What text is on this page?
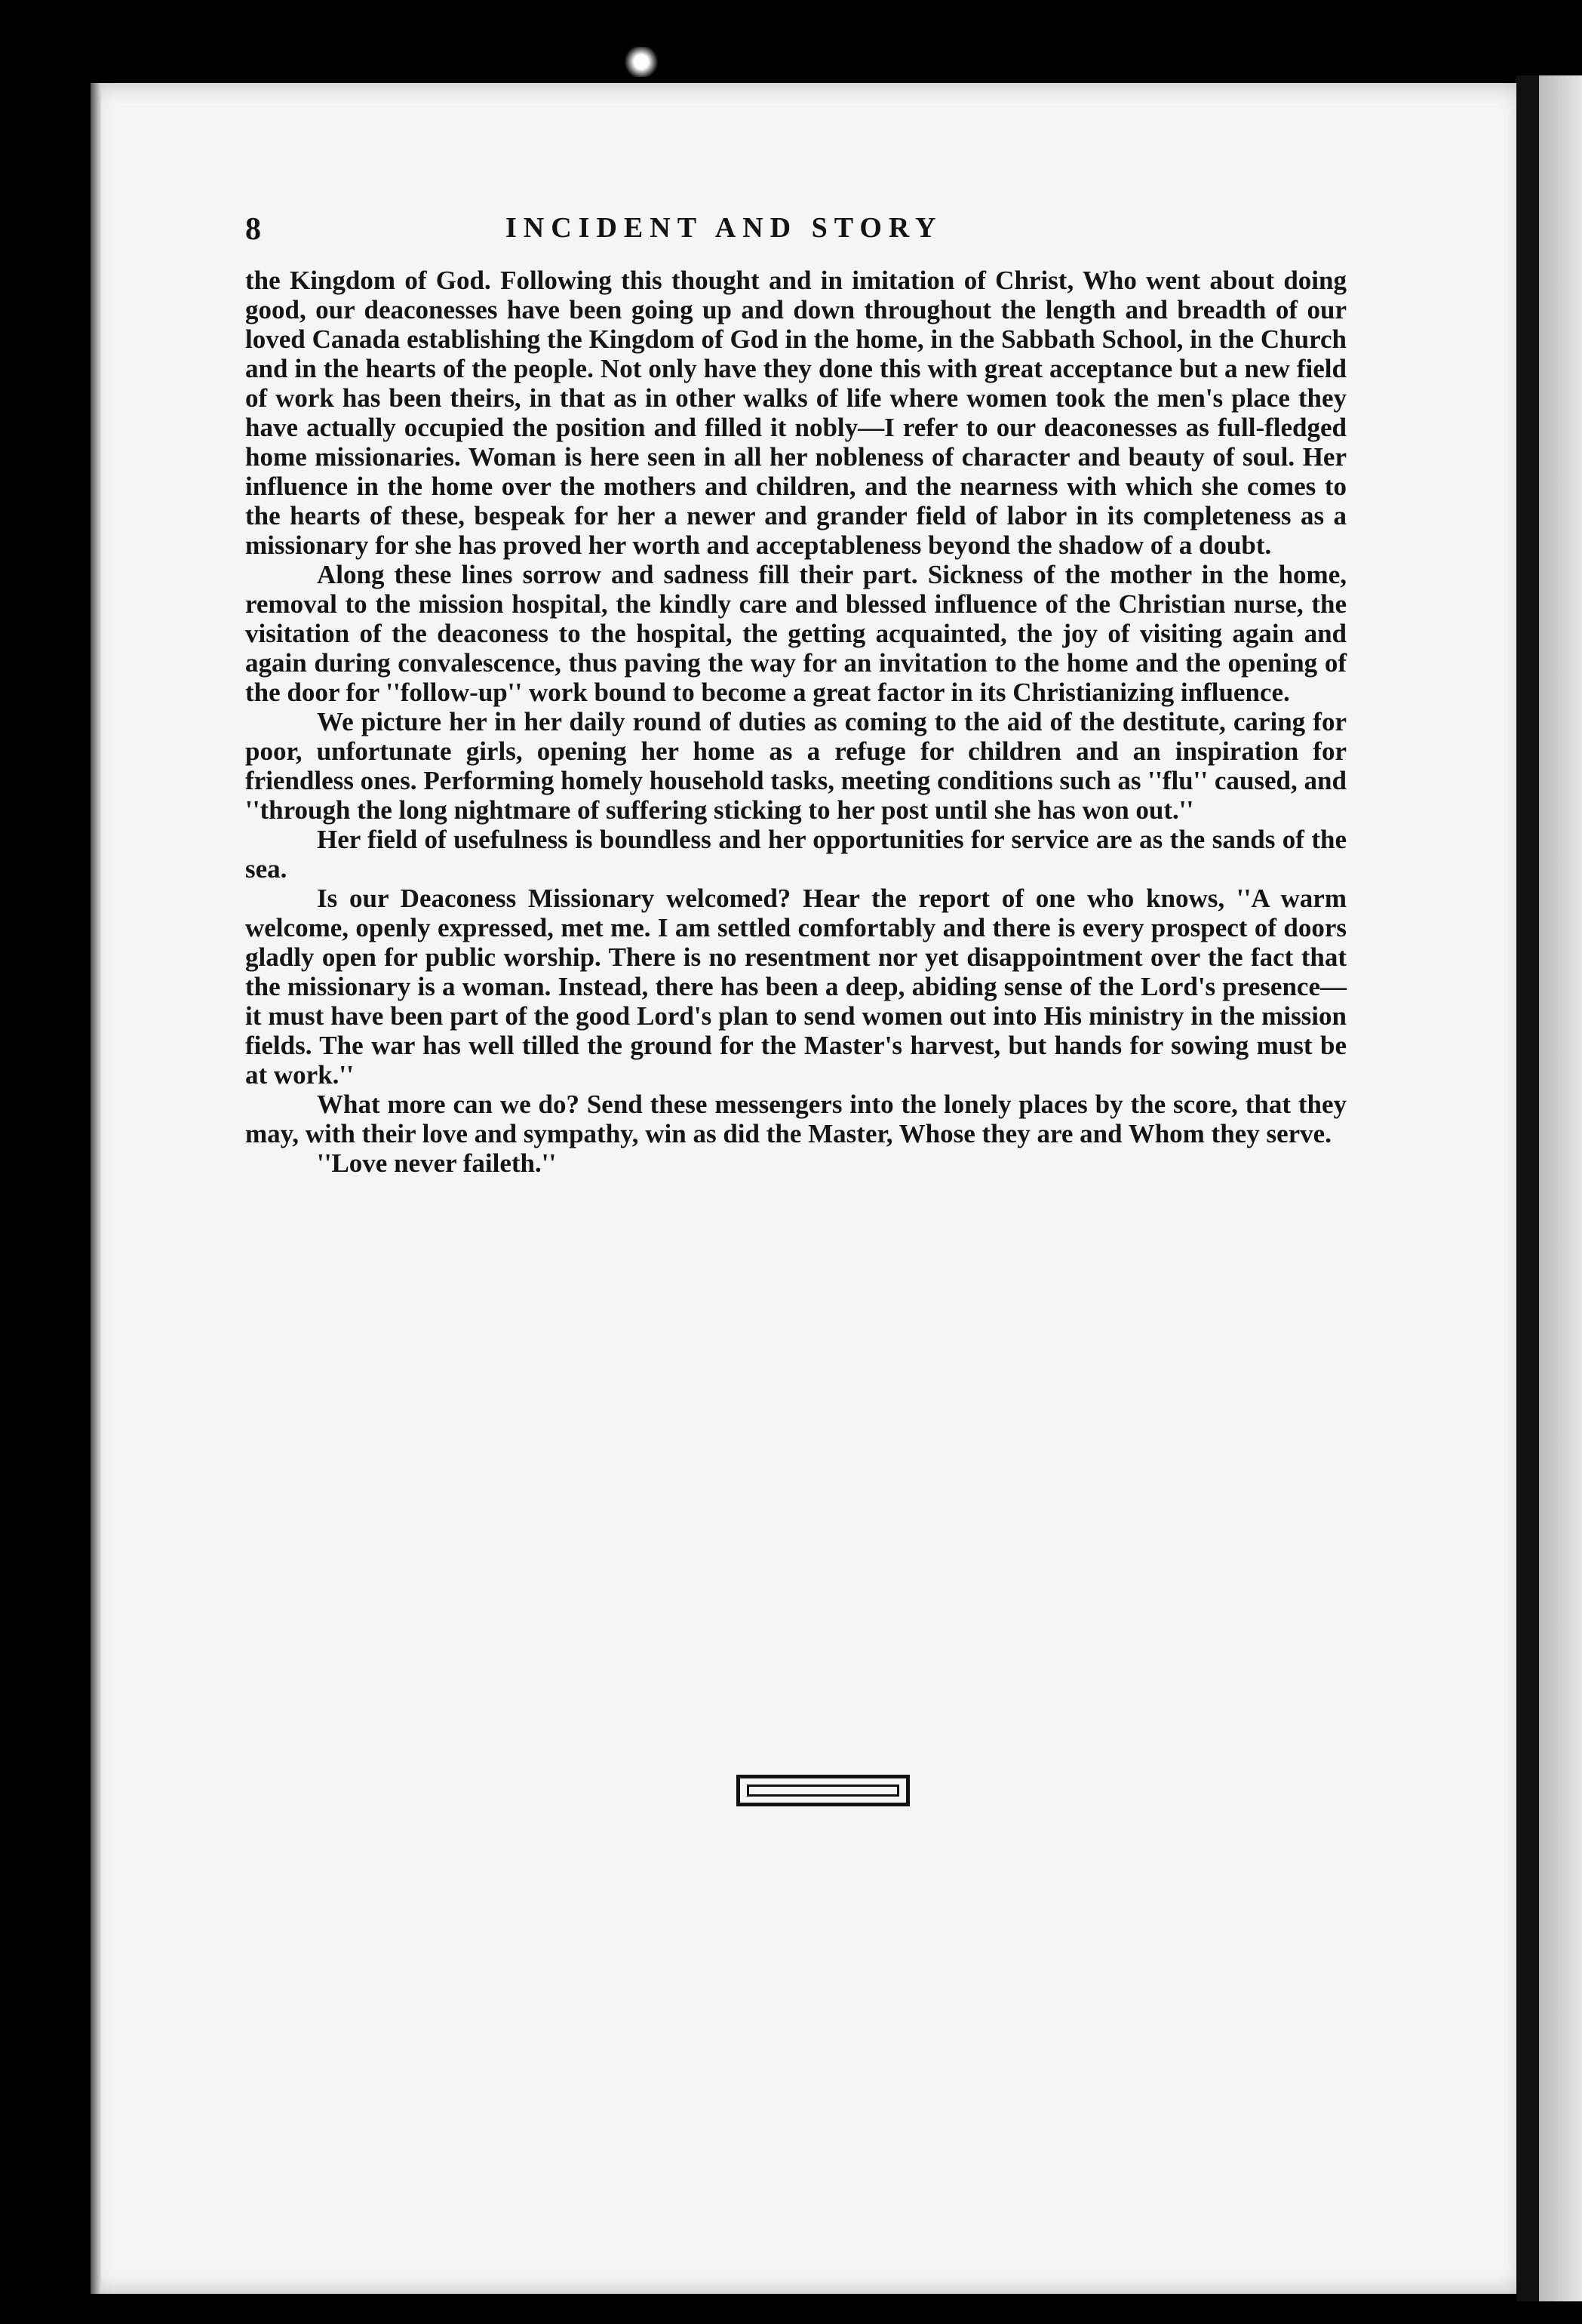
8	INCIDENT AND STORY

the Kingdom of God. Following this thought and in imitation of Christ, Who went about doing good, our deaconesses have been going up and down throughout the length and breadth of our loved Canada establishing the Kingdom of God in the home, in the Sabbath School, in the Church and in the hearts of the people. Not only have they done this with great acceptance but a new field of work has been theirs, in that as in other walks of life where women took the men's place they have actually occupied the position and filled it nobly—I refer to our deaconesses as full-fledged home missionaries. Woman is here seen in all her nobleness of character and beauty of soul. Her influence in the home over the mothers and children, and the nearness with which she comes to the hearts of these, bespeak for her a newer and grander field of labor in its completeness as a missionary for she has proved her worth and acceptableness beyond the shadow of a doubt.

Along these lines sorrow and sadness fill their part. Sickness of the mother in the home, removal to the mission hospital, the kindly care and blessed influence of the Christian nurse, the visitation of the deaconess to the hospital, the getting acquainted, the joy of visiting again and again during convalescence, thus paving the way for an invitation to the home and the opening of the door for ''follow-up'' work bound to become a great factor in its Christianizing influence.

We picture her in her daily round of duties as coming to the aid of the destitute, caring for poor, unfortunate girls, opening her home as a refuge for children and an inspiration for friendless ones. Performing homely household tasks, meeting conditions such as ''flu'' caused, and ''through the long nightmare of suffering sticking to her post until she has won out.''

Her field of usefulness is boundless and her opportunities for service are as the sands of the sea.

Is our Deaconess Missionary welcomed? Hear the report of one who knows, ''A warm welcome, openly expressed, met me. I am settled comfortably and there is every prospect of doors gladly open for public worship. There is no resentment nor yet disappointment over the fact that the missionary is a woman. Instead, there has been a deep, abiding sense of the Lord's presence—it must have been part of the good Lord's plan to send women out into His ministry in the mission fields. The war has well tilled the ground for the Master's harvest, but hands for sowing must be at work.''

What more can we do? Send these messengers into the lonely places by the score, that they may, with their love and sympathy, win as did the Master, Whose they are and Whom they serve.

''Love never faileth.''
